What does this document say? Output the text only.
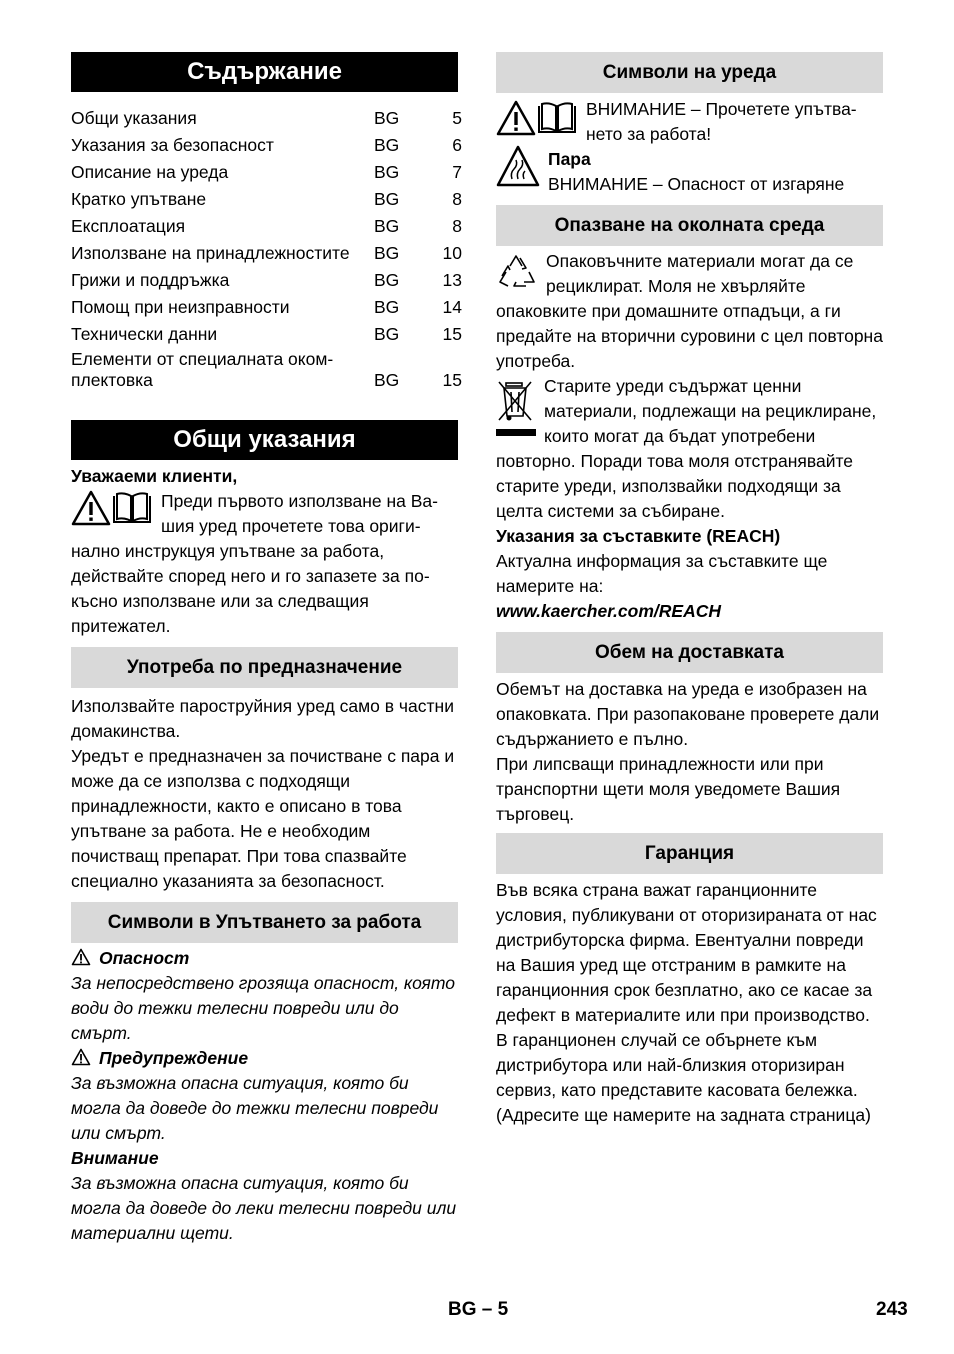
Съдържание
Общи указания	BG	5
Указания за безопасност	BG	6
Описание на уреда	BG	7
Кратко упътване	BG	8
Експлоатация	BG	8
Използване на принадлежностите	BG	10
Грижи и поддръжка	BG	13
Помощ при неизправности	BG	14
Технически данни	BG	15
Елементи от специалната оком-
плектовка	BG	15
Общи указания

Уважаеми клиенти,

Преди първото използване на Ва-
шия уред прочетете това ориги-

нално инструкцуя упътване за работа, действайте според него и го запазете за по-късно използване или за следващия притежател.

Употреба по предназначение

Използвайте пароструйния уред само в частни домакинства.

Уредът е предназначен за почистване с пара и може да се използва с подходящи принадлежности, както е описано в това упътване за работа. Не е необходим почистващ препарат. При това спазвайте специално указанията за безопасност.

Символи в Упътването за работа

Опасност

За непосредствено грозяща опасност, която води до тежки телесни повреди или до смърт.

Предупреждение

За възможна опасна ситуация, която би могла да доведе до тежки телесни повреди или смърт.

Внимание

За възможна опасна ситуация, която би могла да доведе до леки телесни повреди или материални щети.

Символи на уреда
ВНИМАНИЕ – Прочетете упътва-
нето за работа!
Пара
ВНИМАНИЕ – Опасност от изгаряне
Опазване на околната среда

Опаковъчните материали могат да се рециклират. Моля не хвърляйте опаковките при домашните отпадъци, а ги предайте на вторични суровини с цел повторна употреба.

Старите уреди съдържат ценни материали, подлежащи на рециклиране, които могат да бъдат употребени повторно. Поради това моля отстранявайте старите уреди, използвайки подходящи за целта системи за събиране.

Указания за съставките (REACH)

Актуална информация за съставките ще намерите на:

www.kaercher.com/REACH

Обем на доставката

Обемът на доставка на уреда е изобразен на опаковката. При разопаковане проверете дали съдържанието е пълно.

При липсващи принадлежности или при транспортни щети моля уведомете Вашия търговец.

Гаранция

Във всяка страна важат гаранционните условия, публикувани от оторизираната от нас дистрибуторска фирма. Евентуални повреди на Вашия уред ще отстраним в рамките на гаранционния срок безплатно, ако се касае за дефект в материалите или при производство. В гаранционен случай се обърнете към дистрибутора или най-близкия оторизиран сервиз, като представите касовата бележка. (Адресите ще намерите на задната страница)

BG – 5	243
